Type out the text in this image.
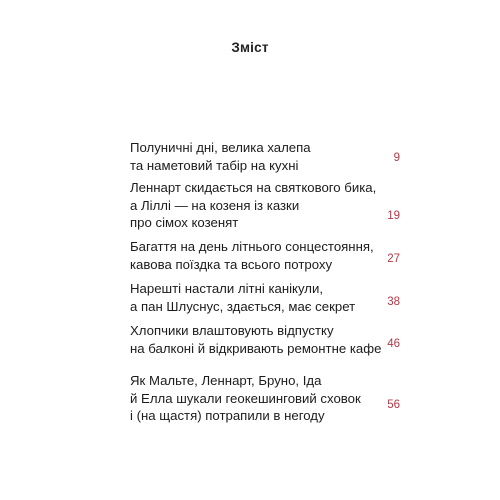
Зміст
Полуничні дні, велика халепа
та наметовий табір на кухні	9
Леннарт скидається на святкового бика,
а Ліллі — на козеня із казки
про сімох козенят	19
Багаття на день літнього сонцестояння,
кавова поїздка та всього потроху	27
Нарешті настали літні канікули,
а пан Шлуснус, здається, має секрет	38
Хлопчики влаштовують відпустку
на балконі й відкривають ремонтне кафе 46
Як Мальте, Леннарт, Бруно, Іда
й Елла шукали геокешинговий сховок
і (на щастя) потрапили в негоду
56
